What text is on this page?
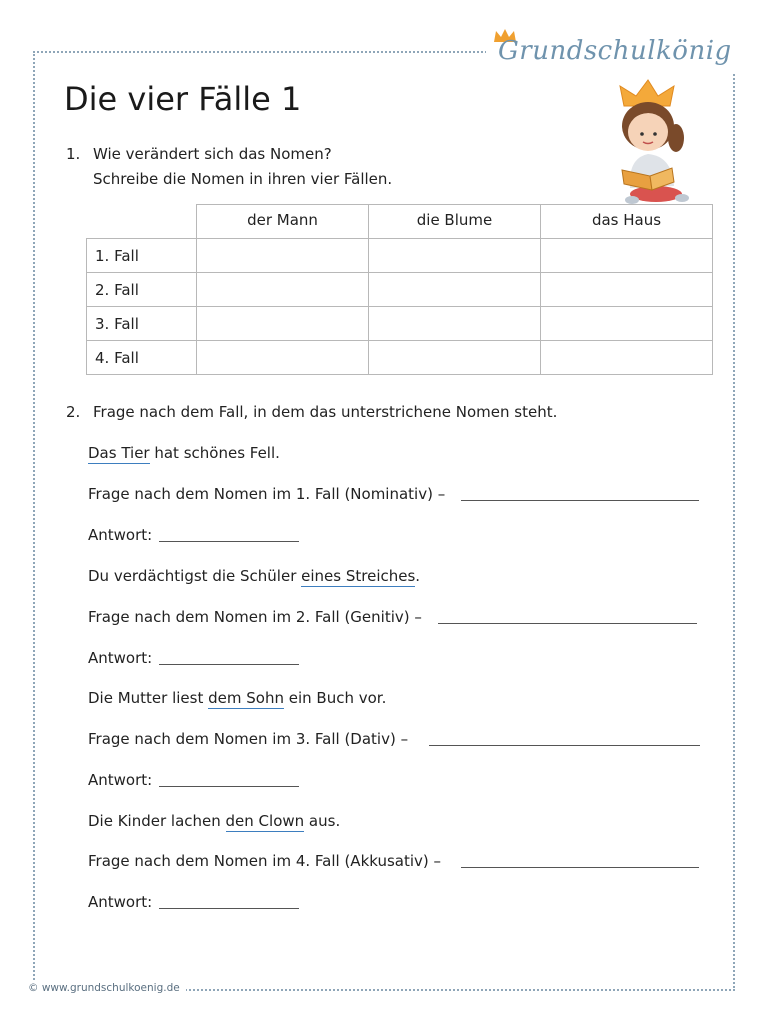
Grundschulkönig
Die vier Fälle 1
1. Wie verändert sich das Nomen?
Schreibe die Nomen in ihren vier Fällen.
	der Mann	die Blume	das Haus
1. Fall			
2. Fall			
3. Fall			
4. Fall			
2. Frage nach dem Fall, in dem das unterstrichene Nomen steht.
Das Tier hat schönes Fell.
Frage nach dem Nomen im 1. Fall (Nominativ) –
Antwort:
Du verdächtigst die Schüler eines Streiches.
Frage nach dem Nomen im 2. Fall (Genitiv) –
Antwort:
Die Mutter liest dem Sohn ein Buch vor.
Frage nach dem Nomen im 3. Fall (Dativ) –
Antwort:
Die Kinder lachen den Clown aus.
Frage nach dem Nomen im 4. Fall (Akkusativ) –
Antwort:
© www.grundschulkoenig.de
